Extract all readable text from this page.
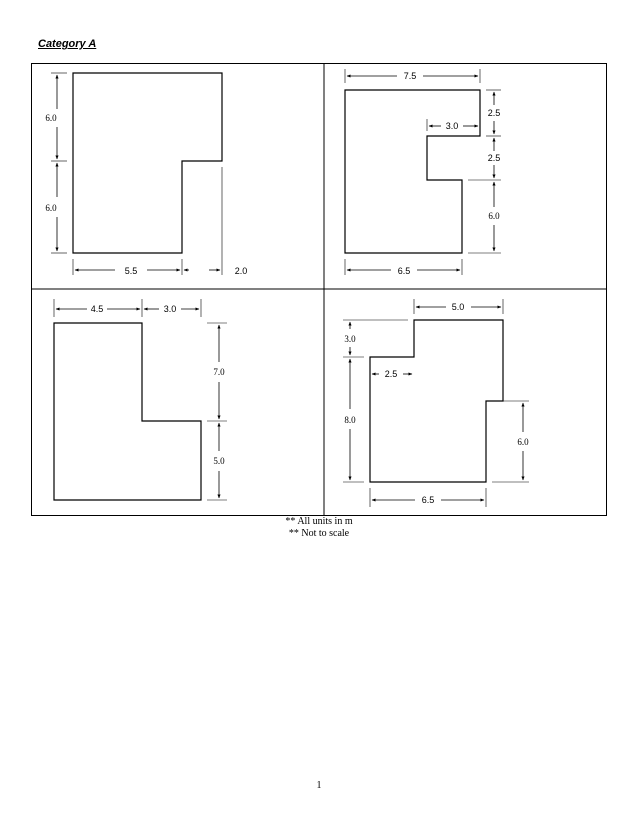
Category A
6.0
6.0
5.5	2.0
7.5
3.0
2.5
2.5
6.0
6.5
4.5	3.0
7.0
5.0
5.0
3.0
2.5
8.0
6.0
6.5
** All units in m
** Not to scale
1
